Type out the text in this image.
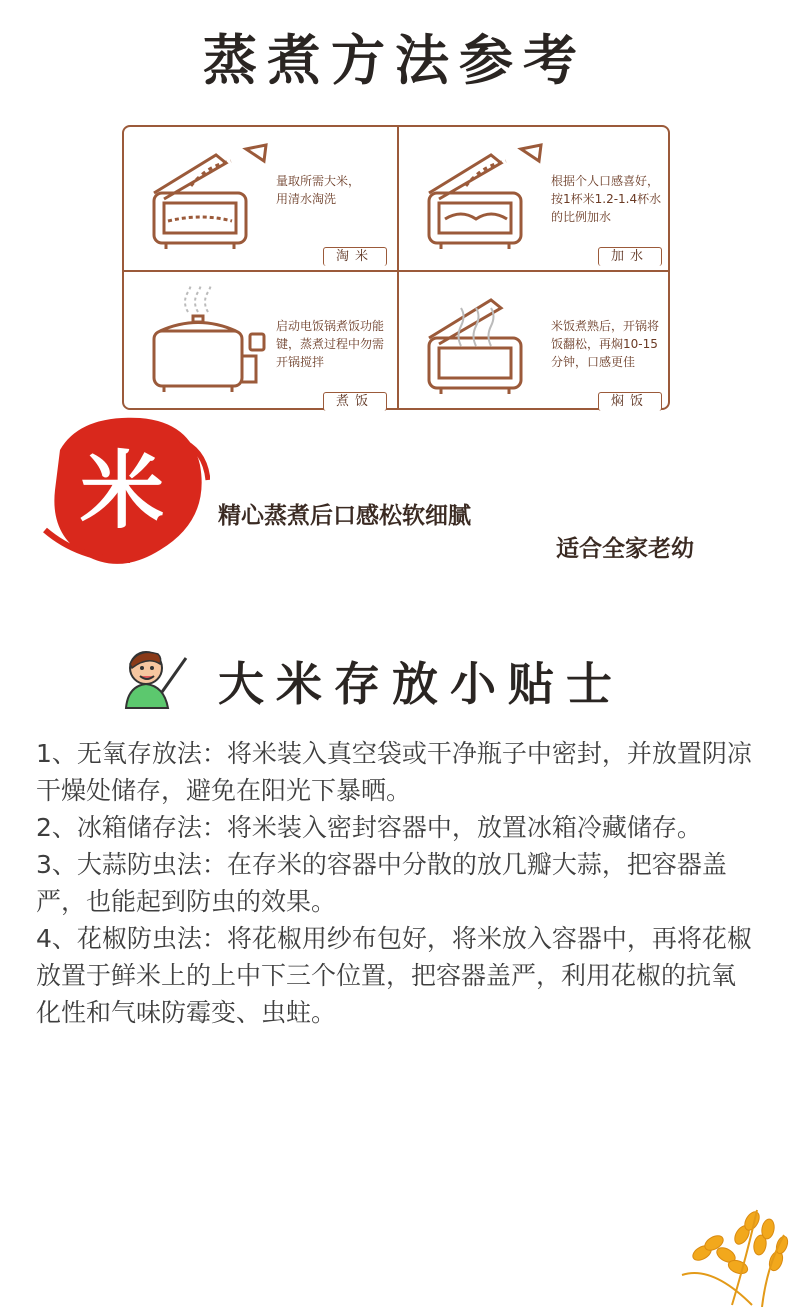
蒸煮方法参考
量取所需大米，
用清水淘洗
淘米
根据个人口感喜好，按1杯米1.2-1.4杯水的比例加水
加水
启动电饭锅煮饭功能键，蒸煮过程中勿需开锅搅拌
煮饭
米饭煮熟后，开锅将饭翻松，再焖10-15分钟，口感更佳
焖饭
米 精心蒸煮后口感松软细腻
适合全家老幼
大米存放小贴士

1、无氧存放法：将米装入真空袋或干净瓶子中密封，并放置阴凉干燥处储存，避免在阳光下暴晒。

2、冰箱储存法：将米装入密封容器中，放置冰箱冷藏储存。

3、大蒜防虫法：在存米的容器中分散的放几瓣大蒜，把容器盖严，也能起到防虫的效果。

4、花椒防虫法：将花椒用纱布包好，将米放入容器中，再将花椒放置于鲜米上的上中下三个位置，把容器盖严，利用花椒的抗氧化性和气味防霉变、虫蛀。
